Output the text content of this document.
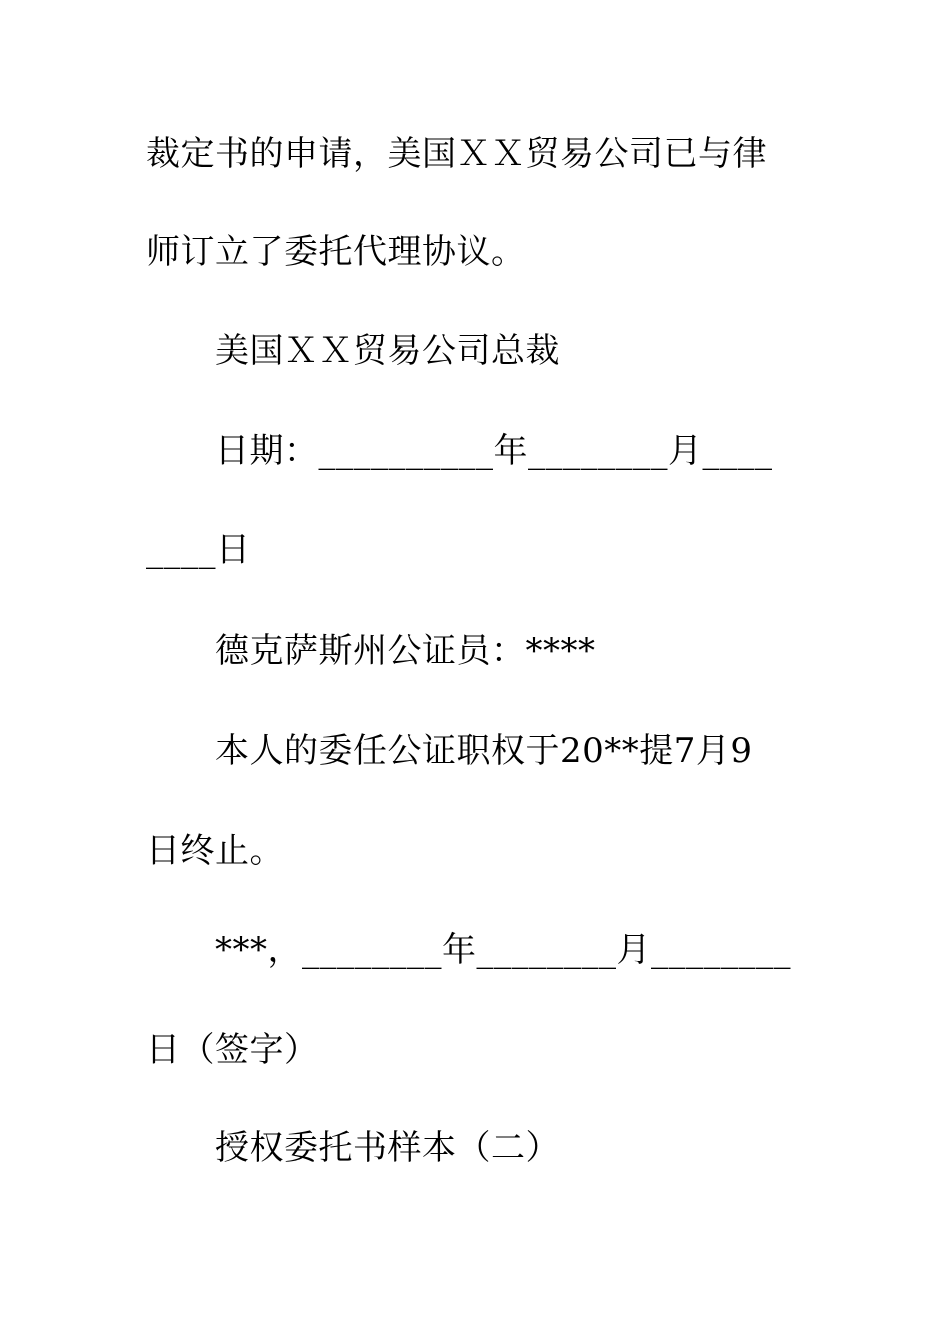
裁定书的申请，美国ＸＸ贸易公司已与律
师订立了委托代理协议。
美国ＸＸ贸易公司总裁
日期：__________年________月____
____日
德克萨斯州公证员：****
本人的委任公证职权于20**提7月9
日终止。
***，________年________月________
日（签字）
授权委托书样本（二）
